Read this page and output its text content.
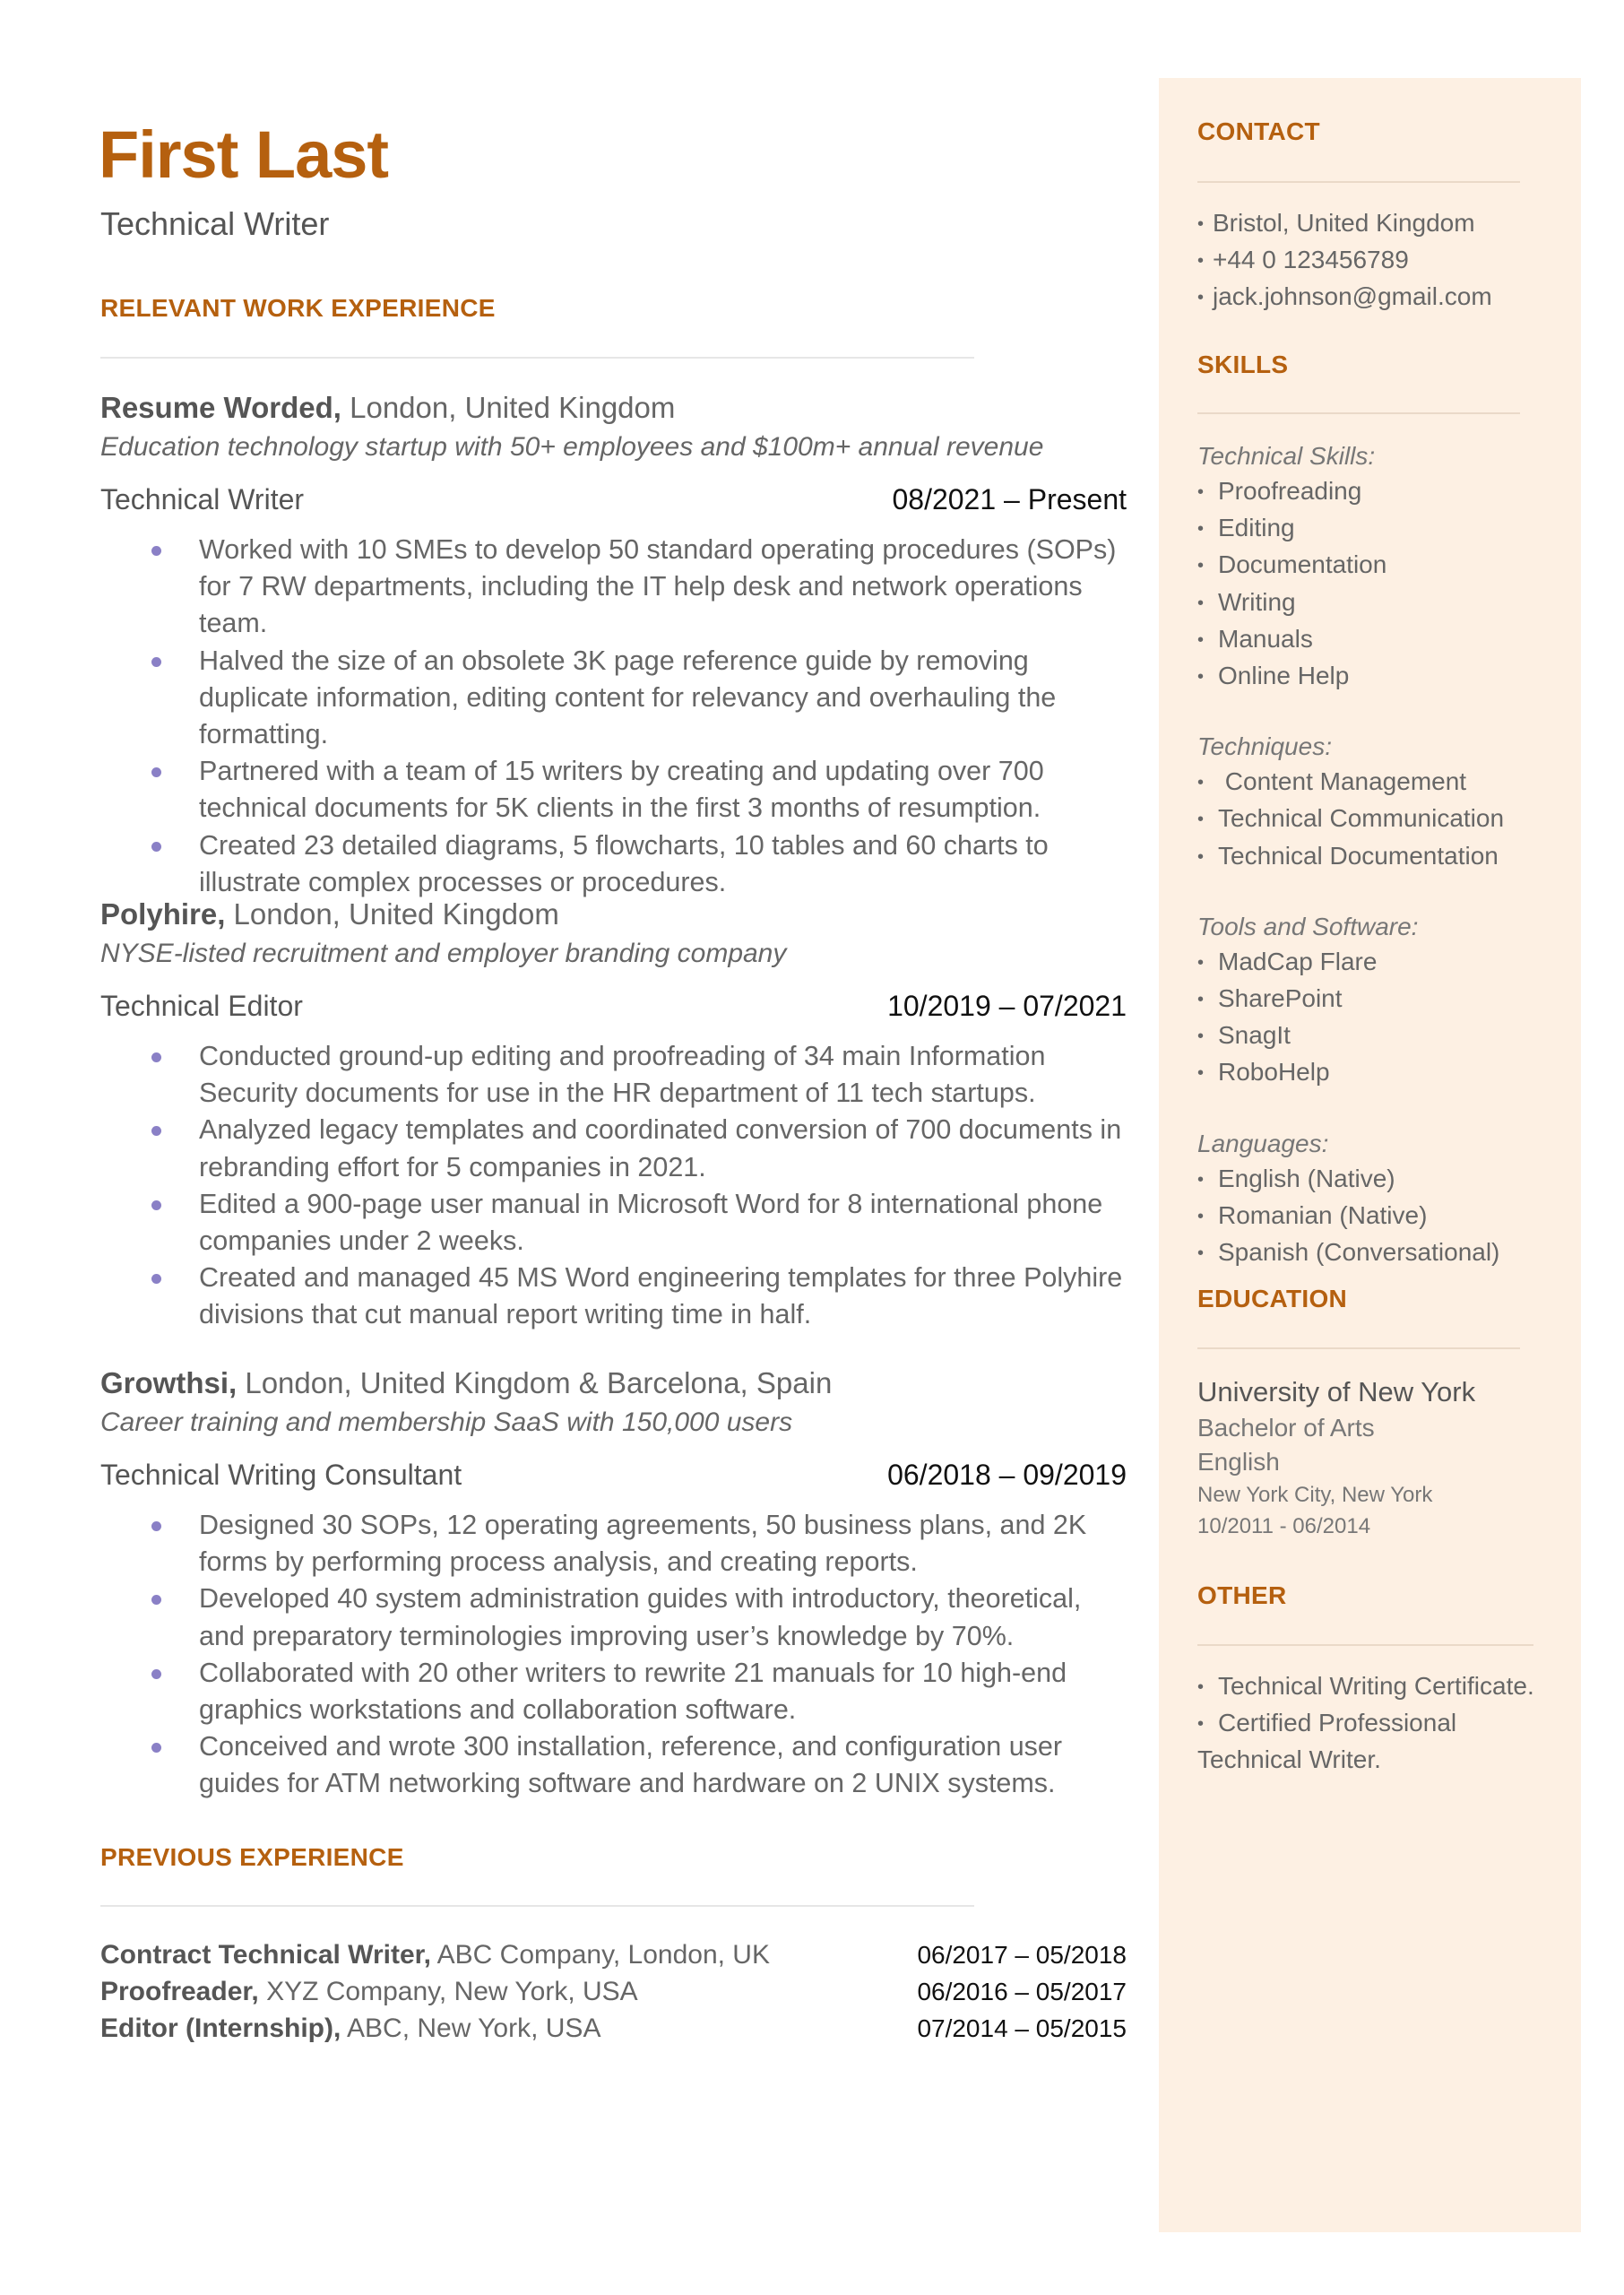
First Last
Technical Writer
RELEVANT WORK EXPERIENCE
Resume Worded, London, United Kingdom
Education technology startup with 50+ employees and $100m+ annual revenue
Technical Writer	08/2021 – Present
Worked with 10 SMEs to develop 50 standard operating procedures (SOPs) for 7 RW departments, including the IT help desk and network operations team.
Halved the size of an obsolete 3K page reference guide by removing duplicate information, editing content for relevancy and overhauling the formatting.
Partnered with a team of 15 writers by creating and updating over 700 technical documents for 5K clients in the first 3 months of resumption.
Created 23 detailed diagrams, 5 flowcharts, 10 tables and 60 charts to illustrate complex processes or procedures.
Polyhire, London, United Kingdom
NYSE-listed recruitment and employer branding company
Technical Editor	10/2019 – 07/2021
Conducted ground-up editing and proofreading of 34 main Information Security documents for use in the HR department of 11 tech startups.
Analyzed legacy templates and coordinated conversion of 700 documents in rebranding effort for 5 companies in 2021.
Edited a 900-page user manual in Microsoft Word for 8 international phone companies under 2 weeks.
Created and managed 45 MS Word engineering templates for three Polyhire divisions that cut manual report writing time in half.
Growthsi, London, United Kingdom & Barcelona, Spain
Career training and membership SaaS with 150,000 users
Technical Writing Consultant	06/2018 – 09/2019
Designed 30 SOPs, 12 operating agreements, 50 business plans, and 2K forms by performing process analysis, and creating reports.
Developed 40 system administration guides with introductory, theoretical, and preparatory terminologies improving user’s knowledge by 70%.
Collaborated with 20 other writers to rewrite 21 manuals for 10 high-end graphics workstations and collaboration software.
Conceived and wrote 300 installation, reference, and configuration user guides for ATM networking software and hardware on 2 UNIX systems.
PREVIOUS EXPERIENCE
Contract Technical Writer, ABC Company, London, UK	06/2017 – 05/2018
Proofreader, XYZ Company, New York, USA	06/2016 – 05/2017
Editor (Internship), ABC, New York, USA	07/2014 – 05/2015
CONTACT
• Bristol, United Kingdom
• +44 0 123456789
• jack.johnson@gmail.com
SKILLS
Technical Skills:
• Proofreading
• Editing
• Documentation
• Writing
• Manuals
• Online Help
Techniques:
• Content Management
• Technical Communication
• Technical Documentation
Tools and Software:
• MadCap Flare
• SharePoint
• SnagIt
• RoboHelp
Languages:
• English (Native)
• Romanian (Native)
• Spanish (Conversational)
EDUCATION
University of New York
Bachelor of Arts
English
New York City, New York
10/2011 - 06/2014
OTHER
• Technical Writing Certificate.
• Certified Professional Technical Writer.
